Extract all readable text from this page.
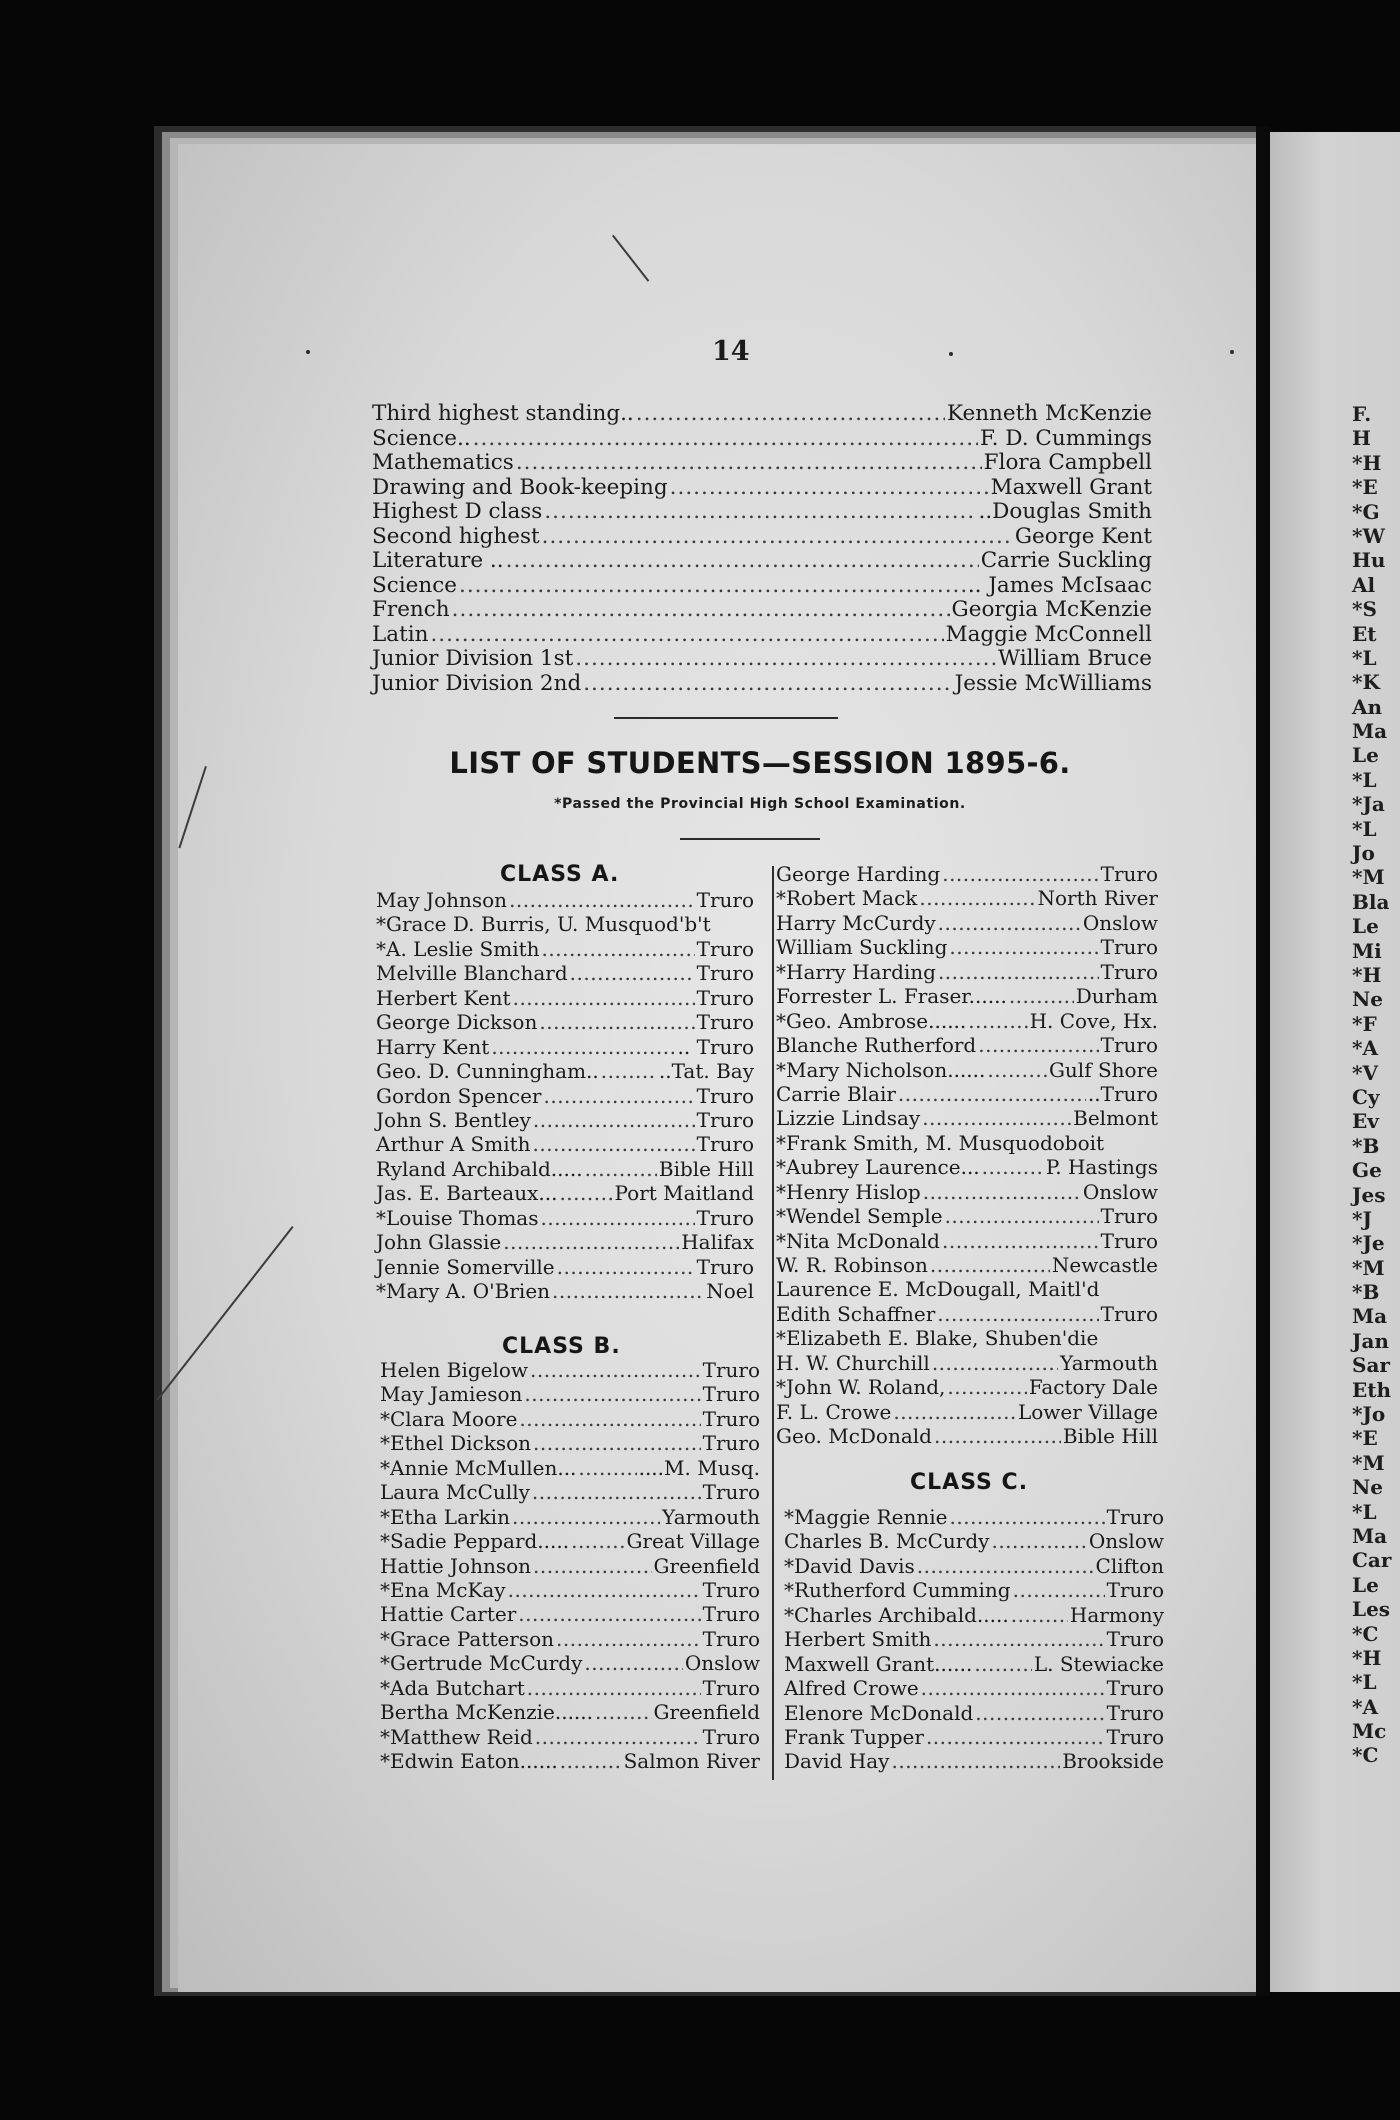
F.
H
*H
*E
*G
*W
Hu
Al
*S
Et
*L
*K
An
Ma
Le
*L
*Ja
*L
Jo
*M
Bla
Le
Mi
*H
Ne
*F
*A
*V
Cy
Ev
*B
Ge
Jes
*J
*Je
*M
*B
Ma
Jan
Sar
Eth
*Jo
*E
*M
Ne
*L
Ma
Car
Le
Les
*C
*H
*L
*A
Mc
*C
14
Third highest standing.. .....	Kenneth McKenzie
Science.. .....	F. D. Cummings
Mathematics .....	Flora Campbell
Drawing and Book-keeping .....	Maxwell Grant
Highest D class .....	..Douglas Smith
Second highest .....	George Kent
Literature .. .....	Carrie Suckling
Science .....	.. James McIsaac
French .....	Georgia McKenzie
Latin .....	Maggie McConnell
Junior Division 1st .....	William Bruce
Junior Division 2nd .....	Jessie McWilliams
LIST OF STUDENTS—SESSION 1895-6.
*Passed the Provincial High School Examination.
CLASS A.
May Johnson .....	Truro
*Grace D. Burris, U. Musquod'b't
*A. Leslie Smith .....	Truro
Melville Blanchard .....	Truro
Herbert Kent .....	Truro
George Dickson .....	Truro
Harry Kent .....	.. Truro
Geo. D. Cunningham.. .....	..Tat. Bay
Gordon Spencer .....	Truro
John S. Bentley .....	Truro
Arthur A Smith .....	Truro
Ryland Archibald..... .....	Bible Hill
Jas. E. Barteaux... .....	Port Maitland
*Louise Thomas .....	Truro
John Glassie .....	Halifax
Jennie Somerville .....	Truro
*Mary A. O'Brien .....	Noel
CLASS B.
Helen Bigelow .....	Truro
May Jamieson .....	Truro
*Clara Moore .....	Truro
*Ethel Dickson .....	Truro
*Annie McMullen... .....	....M. Musq.
Laura McCully .....	Truro
*Etha Larkin .....	Yarmouth
*Sadie Peppard..... .....	Great Village
Hattie Johnson .....	Greenfield
*Ena McKay .....	Truro
Hattie Carter .....	Truro
*Grace Patterson .....	Truro
*Gertrude McCurdy .....	Onslow
*Ada Butchart .....	Truro
Bertha McKenzie...... .....	Greenfield
*Matthew Reid .....	Truro
*Edwin Eaton...... .....	Salmon River
George Harding .....	Truro
*Robert Mack .....	North River
Harry McCurdy .....	Onslow
William Suckling .....	Truro
*Harry Harding .....	Truro
Forrester L. Fraser...... .....	Durham
*Geo. Ambrose...... .....	H. Cove, Hx.
Blanche Rutherford .....	Truro
*Mary Nicholson...... .....	Gulf Shore
Carrie Blair .....	..Truro
Lizzie Lindsay .....	Belmont
*Frank Smith, M. Musquodoboit
*Aubrey Laurence... .....	P. Hastings
*Henry Hislop .....	Onslow
*Wendel Semple .....	Truro
*Nita McDonald .....	Truro
W. R. Robinson .....	Newcastle
Laurence E. McDougall, Maitl'd
Edith Schaffner .....	Truro
*Elizabeth E. Blake, Shuben'die
H. W. Churchill .....	Yarmouth
*John W. Roland, .....	Factory Dale
F. L. Crowe .....	Lower Village
Geo. McDonald .....	Bible Hill
CLASS C.
*Maggie Rennie .....	Truro
Charles B. McCurdy .....	Onslow
*David Davis .....	Clifton
*Rutherford Cumming .....	Truro
*Charles Archibald..... .....	Harmony
Herbert Smith .....	Truro
Maxwell Grant...... .....	L. Stewiacke
Alfred Crowe .....	Truro
Elenore McDonald .....	Truro
Frank Tupper .....	Truro
David Hay .....	Brookside
